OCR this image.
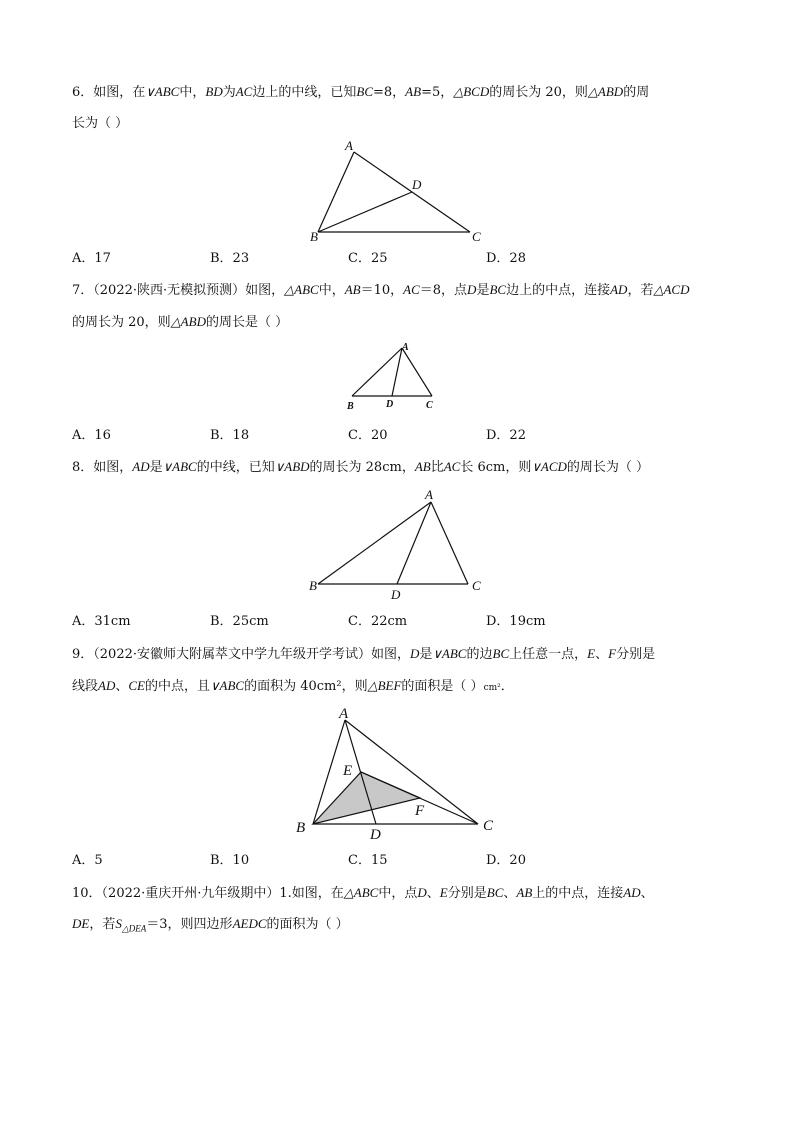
6．如图，在∨ABC中，BD为AC边上的中线，已知BC=8，AB=5，△BCD的周长为 20，则△ABD的周
长为（ ）
A
B	C
D
A．17	B．23	C．25	D．28
7．（2022·陕西·无模拟预测）如图，△ABC中，AB＝10，AC＝8，点D是BC边上的中点，连接AD，若△ACD
的周长为 20，则△ABD的周长是（ ）
A
B	D	C
A．16	B．18	C．20	D．22
8．如图，AD是∨ABC的中线，已知∨ABD的周长为 28cm，AB比AC长 6cm，则∨ACD的周长为（ ）
A
B	C
D
A．31cm	B．25cm	C．22cm	D．19cm
9．（2022·安徽师大附属萃文中学九年级开学考试）如图，D是∨ABC的边BC上任意一点，E、F分别是
线段AD、CE的中点，且∨ABC的面积为 40cm²，则△BEF的面积是（ ）cm²．
A
B	C
D
E
F
A．5	B．10	C．15	D．20
10．（2022·重庆开州·九年级期中）1.如图，在△ABC中，点D、E分别是BC、AB上的中点，连接AD、
DE，若$S_{\triangle DEA}=3$，则四边形AEDC的面积为（ ）
